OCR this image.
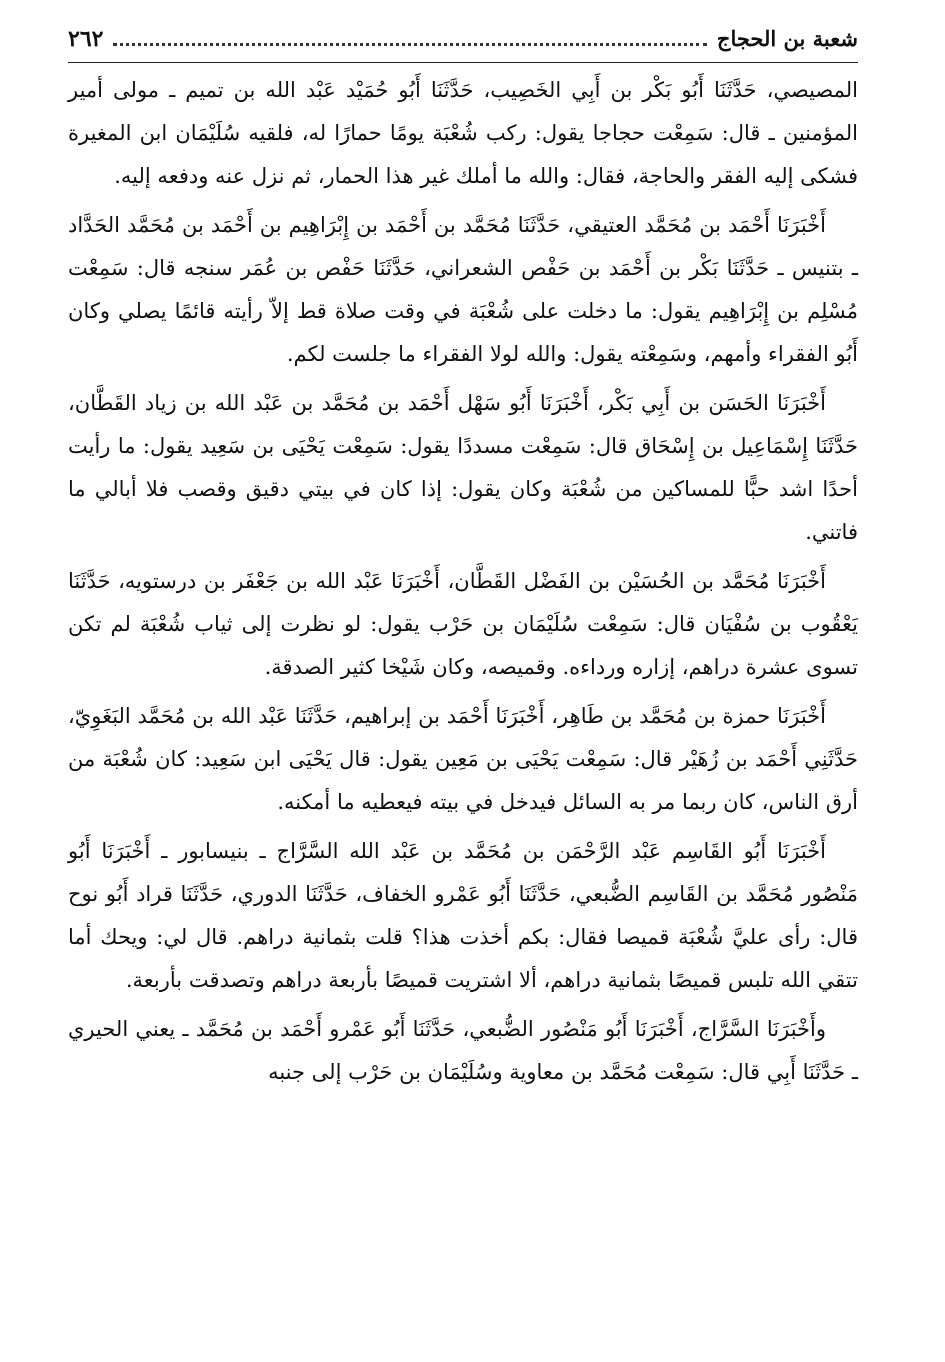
شعبة بن الحجاج
٢٦٢

المصيصي، حَدَّثَنَا أَبُو بَكْر بن أَبِي الخَصِيب، حَدَّثَنَا أَبُو حُمَيْد عَبْد الله بن تميم ـ مولى أمير المؤمنين ـ قال: سَمِعْت حجاجا يقول: ركب شُعْبَة يومًا حمارًا له، فلقيه سُلَيْمَان ابن المغيرة فشكى إليه الفقر والحاجة، فقال: والله ما أملك غير هذا الحمار، ثم نزل عنه ودفعه إليه.

أَخْبَرَنَا أَحْمَد بن مُحَمَّد العتيقي، حَدَّثَنَا مُحَمَّد بن أَحْمَد بن إِبْرَاهِيم بن أَحْمَد بن مُحَمَّد الحَدَّاد ـ بتنيس ـ حَدَّثَنَا بَكْر بن أَحْمَد بن حَفْص الشعراني، حَدَّثَنَا حَفْص بن عُمَر سنجه قال: سَمِعْت مُسْلِم بن إِبْرَاهِيم يقول: ما دخلت على شُعْبَة في وقت صلاة قط إلاّ رأيته قائمًا يصلي وكان أَبُو الفقراء وأمهم، وسَمِعْته يقول: والله لولا الفقراء ما جلست لكم.

أَخْبَرَنَا الحَسَن بن أَبِي بَكْر، أَخْبَرَنَا أَبُو سَهْل أَحْمَد بن مُحَمَّد بن عَبْد الله بن زياد القَطَّان، حَدَّثَنَا إِسْمَاعِيل بن إِسْحَاق قال: سَمِعْت مسددًا يقول: سَمِعْت يَحْيَى بن سَعِيد يقول: ما رأيت أحدًا اشد حبًّا للمساكين من شُعْبَة وكان يقول: إذا كان في بيتي دقيق وقصب فلا أبالي ما فاتني.

أَخْبَرَنَا مُحَمَّد بن الحُسَيْن بن الفَضْل القَطَّان، أَخْبَرَنَا عَبْد الله بن جَعْفَر بن درستويه، حَدَّثَنَا يَعْقُوب بن سُفْيَان قال: سَمِعْت سُلَيْمَان بن حَرْب يقول: لو نظرت إلى ثياب شُعْبَة لم تكن تسوى عشرة دراهم، إزاره ورداءه. وقميصه، وكان شَيْخا كثير الصدقة.

أَخْبَرَنَا حمزة بن مُحَمَّد بن طَاهِر، أَخْبَرَنَا أَحْمَد بن إبراهيم، حَدَّثَنَا عَبْد الله بن مُحَمَّد البَغَوِيّ، حَدَّثَنِي أَحْمَد بن زُهَيْر قال: سَمِعْت يَحْيَى بن مَعِين يقول: قال يَحْيَى ابن سَعِيد: كان شُعْبَة من أرق الناس، كان ربما مر به السائل فيدخل في بيته فيعطيه ما أمكنه.

أَخْبَرَنَا أَبُو القَاسِم عَبْد الرَّحْمَن بن مُحَمَّد بن عَبْد الله السَّرَّاج ـ بنيسابور ـ أَخْبَرَنَا أَبُو مَنْصُور مُحَمَّد بن القَاسِم الضُّبعي، حَدَّثَنَا أَبُو عَمْرو الخفاف، حَدَّثَنَا الدوري، حَدَّثَنَا قراد أَبُو نوح قال: رأى عليَّ شُعْبَة قميصا فقال: بكم أخذت هذا؟ قلت بثمانية دراهم. قال لي: ويحك أما تتقي الله تلبس قميصًا بثمانية دراهم، ألا اشتريت قميصًا بأربعة دراهم وتصدقت بأربعة.

وأَخْبَرَنَا السَّرَّاج، أَخْبَرَنَا أَبُو مَنْصُور الضُّبعي، حَدَّثَنَا أَبُو عَمْرو أَحْمَد بن مُحَمَّد ـ يعني الحيري ـ حَدَّثَنَا أَبِي قال: سَمِعْت مُحَمَّد بن معاوية وسُلَيْمَان بن حَرْب إلى جنبه
